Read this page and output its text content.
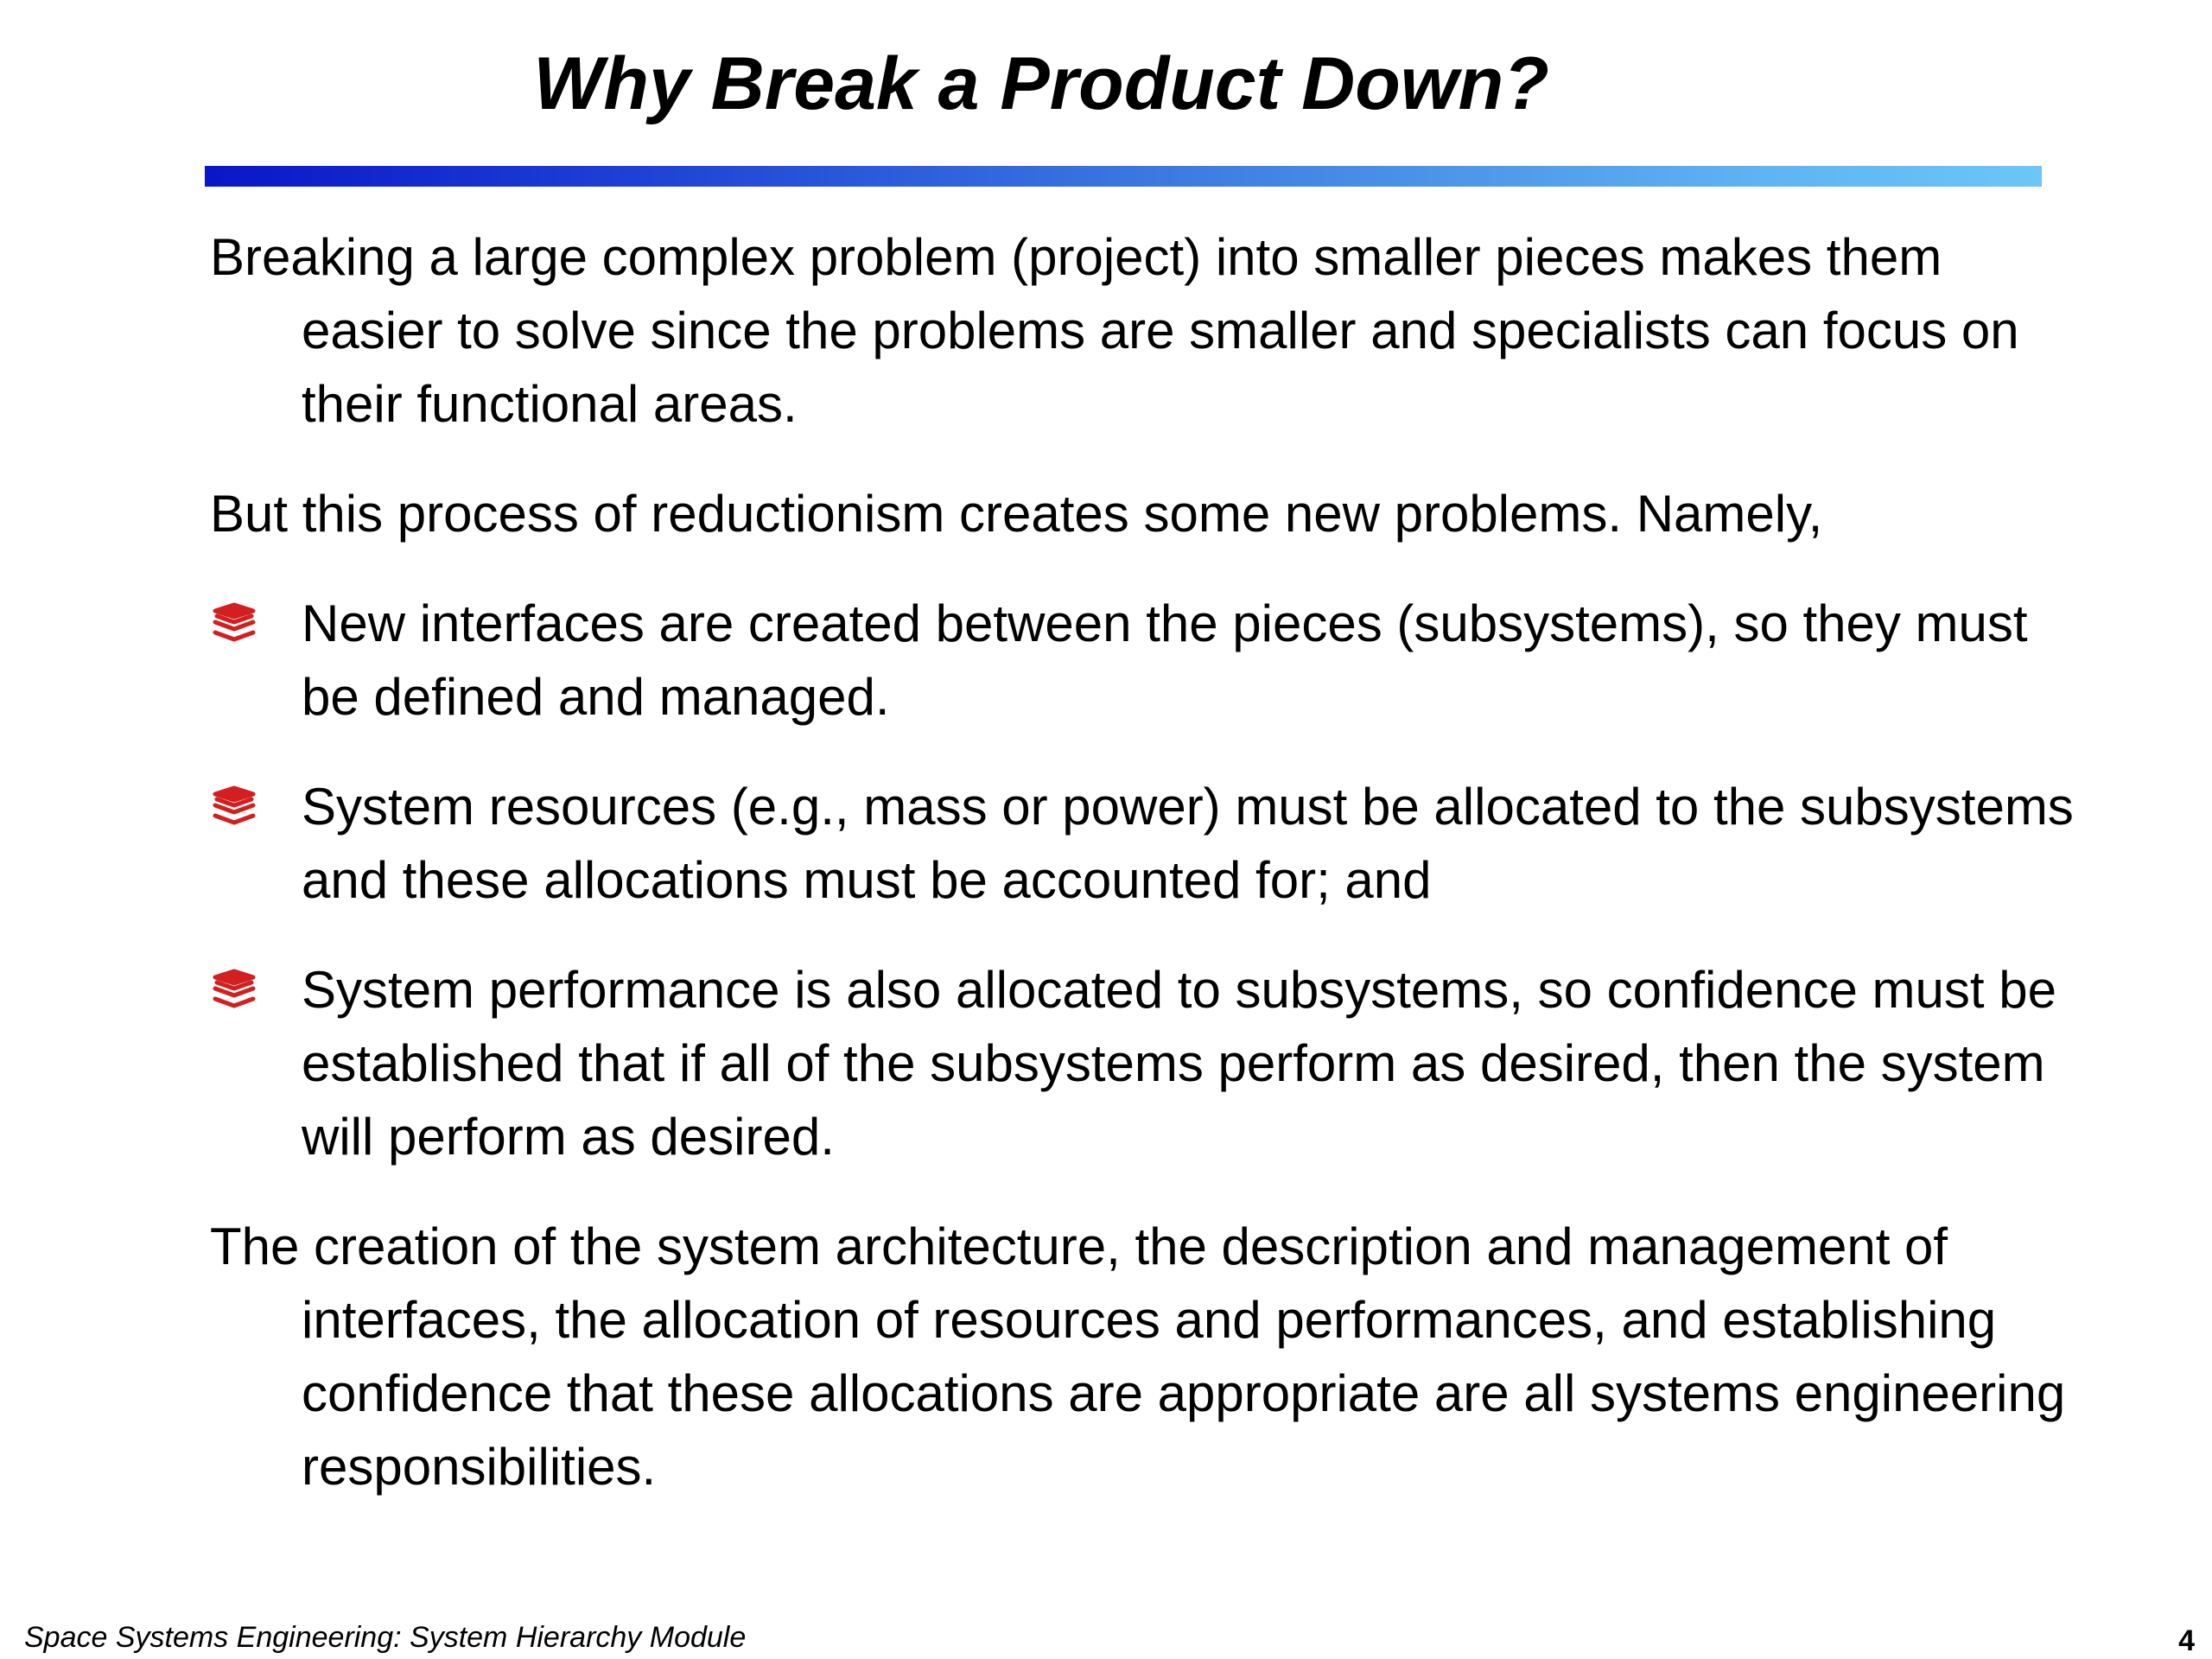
Why Break a Product Down?

Breaking a large complex problem (project) into smaller pieces makes them easier to solve since the problems are smaller and specialists can focus on their functional areas.

But this process of reductionism creates some new problems. Namely,

New interfaces are created between the pieces (subsystems), so they must be defined and managed.
System resources (e.g., mass or power) must be allocated to the subsystems and these allocations must be accounted for; and
System performance is also allocated to subsystems, so confidence must be established that if all of the subsystems perform as desired, then the system will perform as desired.

The creation of the system architecture, the description and management of interfaces, the allocation of resources and performances, and establishing confidence that these allocations are appropriate are all systems engineering responsibilities.

Space Systems Engineering: System Hierarchy Module	4
